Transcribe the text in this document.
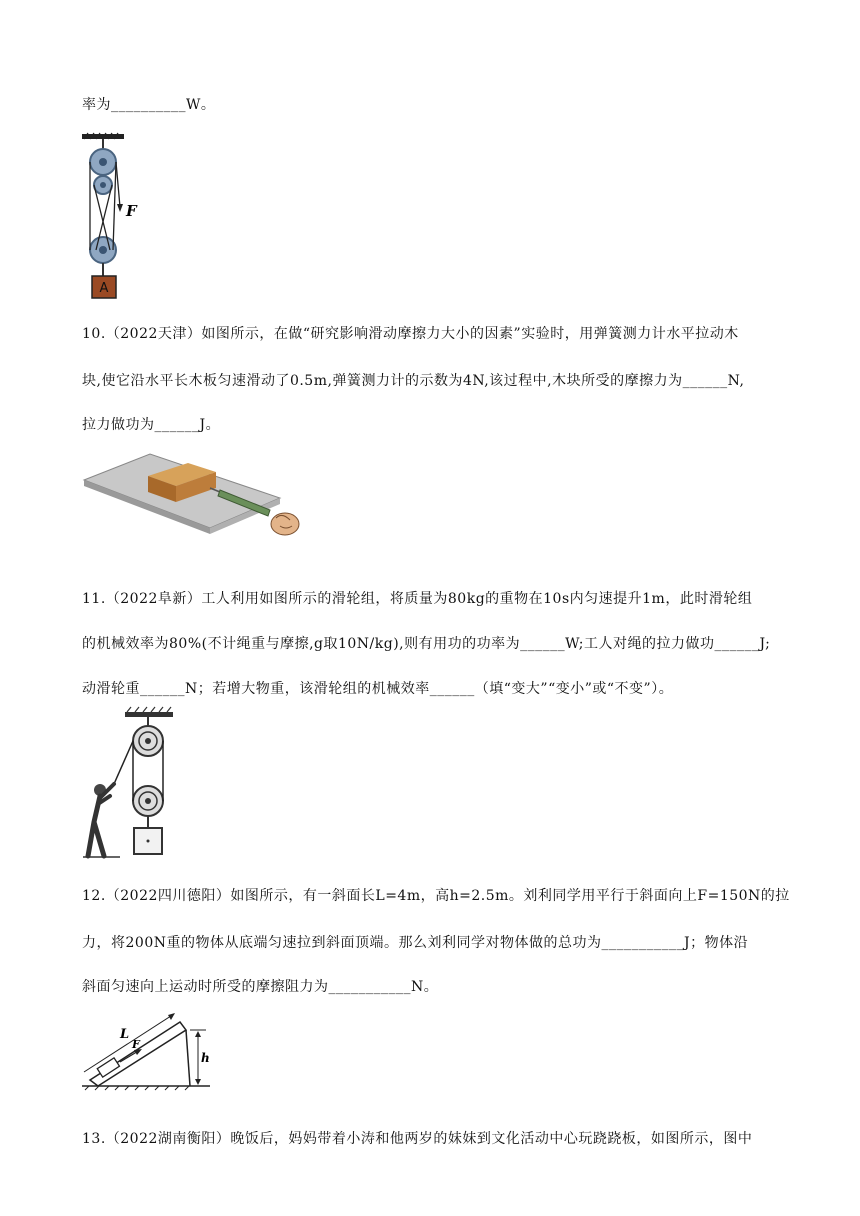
率为__________W。
F
A
10.（2022天津）如图所示，在做“研究影响滑动摩擦力大小的因素”实验时，用弹簧测力计水平拉动木
块,使它沿水平长木板匀速滑动了0.5m,弹簧测力计的示数为4N,该过程中,木块所受的摩擦力为______N,
拉力做功为______J。
11.（2022阜新）工人利用如图所示的滑轮组，将质量为80kg的重物在10s内匀速提升1m，此时滑轮组
的机械效率为80%(不计绳重与摩擦,g取10N/kg),则有用功的功率为______W;工人对绳的拉力做功______J;
动滑轮重______N；若增大物重，该滑轮组的机械效率______（填“变大”“变小”或“不变”）。
12.（2022四川德阳）如图所示，有一斜面长L=4m，高h=2.5m。刘利同学用平行于斜面向上F=150N的拉
力，将200N重的物体从底端匀速拉到斜面顶端。那么刘利同学对物体做的总功为___________J；物体沿
斜面匀速向上运动时所受的摩擦阻力为___________N。
h
L
F
13.（2022湖南衡阳）晚饭后，妈妈带着小涛和他两岁的妹妹到文化活动中心玩跷跷板，如图所示，图中
